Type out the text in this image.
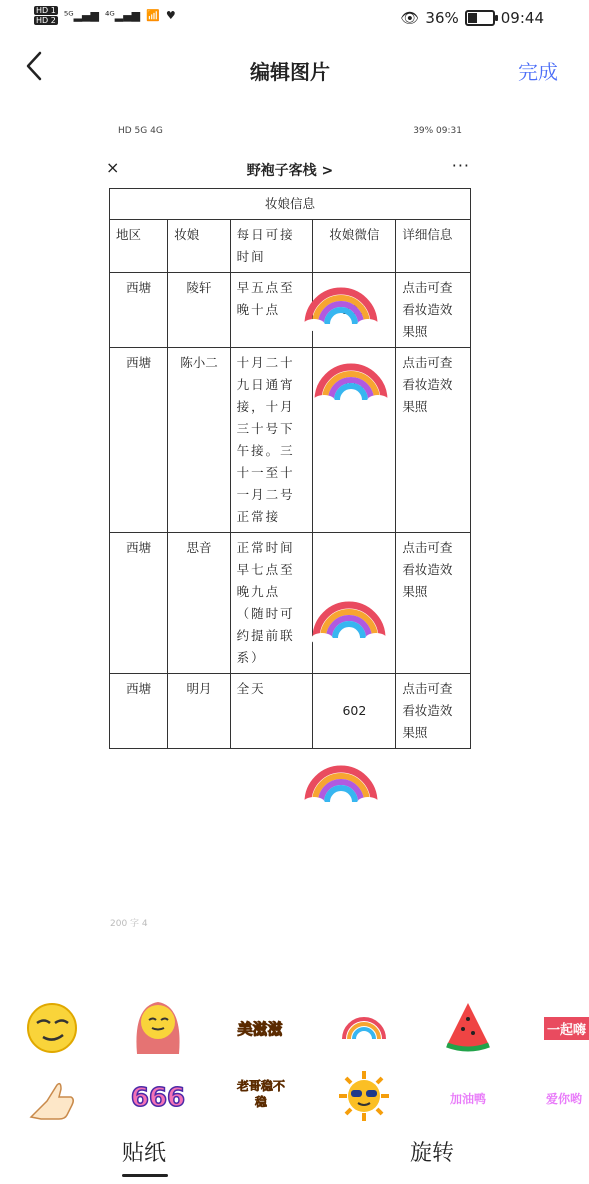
HD 1
HD 2 ⁵ᴳ▂▄▆ ⁴ᴳ▂▄▆ 📶 ♥	👁 36%	09:44
编辑图片	完成
HD 5G 4G	39% 09:31
×	野袍子客栈 >	···
妆娘信息				
地区	妆娘	每日可接时间	妆娘微信	详细信息
西塘	陵轩	早五点至晚十点	291	点击可查看妆造效果照
西塘	陈小二	十月二十九日通宵接，十月三十号下午接。三十一至十一月二号正常接	i05	点击可查看妆造效果照
西塘	思音	正常时间早七点至晚九点（随时可约提前联系）		点击可查看妆造效果照
西塘	明月	全天	602	点击可查看妆造效果照
200 字 4
美滋滋	一起嗨
666	老哥稳不稳	加油鸭	爱你哟
贴纸	旋转
